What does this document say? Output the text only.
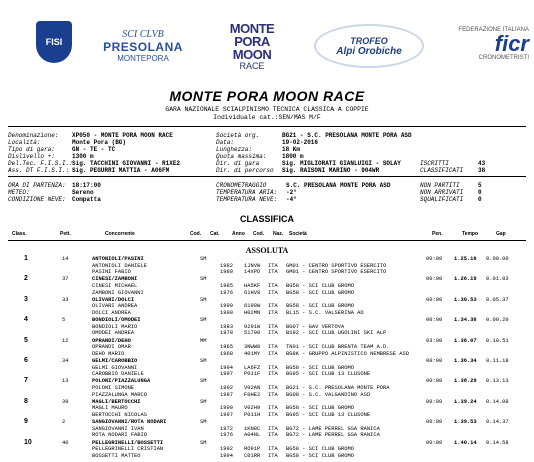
FISI
SCI CLVB
PRESOLANA
MONTEPORA
MONTE
PORA
MOON
RACE
TROFEO
Alpi Orobiche
FEDERAZIONE ITALIANA
ficr
CRONOMETRISTI
MONTE PORA MOON RACE
GARA NAZIONALE SCIALPINISMO TECNICA CLASSICA A COPPIE
Individuale cat.:SEN/MAS M/F
Denominazione: XP050 - MONTE PORA MOON RACE
Località:	Monte Pora (BG)
Tipo di gara:	GN - TE - TC
Dislivello +:	1300 m
Del.Tec. F.I.S.I.: Sig. TACCHINI GIOVANNI - R1XE2
Ass. DT F.I.S.I.: Sig. PEGURRI MATTIA - A06FM
Società org.	BG21 - S.C. PRESOLANA MONTE PORA ASD
Data:	19-02-2016
Lunghezza:	18 Km
Quota massima:	1800 m
Dir. di gara	Sig. MIGLIORATI GIANLUIGI - SOLAY
Dir. di percorso Sig. RAISONI MARINO - 904WR
ISCRITTI	43
CLASSIFICATI 38
ORA DI PARTENZA: 18:17:00
METEO:	Sereno
CONDIZIONE NEVE: Compatta
CRONOMETRAGGIO	S.C. PRESOLANA MONTE PORA ASD
TEMPERATURA ARIA: -2°
TEMPERATURA NEVE: -4°
NON PARTITI	5
NON ARRIVATI 0
SQUALIFICATI 0
CLASSIFICA
Class.	Pett.	Concorrente	Cod. Cat.	Anno Cod. Naz. Società	Pen.	Tempo	Gap
ASSOLUTA
1	14	ANTONIOLI/PASINI	SM	00:00 1.25.16 0.00.00
ANTONIOLI DANIELE	1982 1JNVW ITA GM01 - CENTRO SPORTIVO ESERCITO
PASINI FABIO	1980 14XPD ITA GM01 - CENTRO SPORTIVO ESERCITO
2	37	CINESI/ZAMBONI	SM	00:00 1.26.19 0.01.03
CINESI MICHAEL	1985 HA5KF ITA BG58 - SCI CLUB GROMO
ZAMBONI GIOVANNI	1976 61HV8 ITA BG58 - SCI CLUB GROMO
3	33	OLIVARI/DOLCI	SM	00:00 1.30.53 0.05.37
OLIVARI ANDREA	1990 6198W ITA BG58 - SCI CLUB GROMO
DOLCI ANDREA	1990 H02MN ITA BL15 - S.C. VALSERINA AD
4	5	BONDIOLI/OMODEI	SM	00:00 1.34.36 0.09.20
BONDIOLI MARIO	1983 9291W ITA BG07 - GAV VERTOVA
OMODEI ANDREA	1978 51700 ITA BS92 - SCI CLUB UGOLINI SKI ALP
5	12	OPRANDI/DEHO	MM	03:00 1.36.07 0.10.51
OPRANDI OMAR	1965 3NWW8 ITA TN01 - SCI CLUB BRENTA TEAM A.D.
DEHO MARIO	1968 401MY ITA BG8K - GRUPPO ALPINISTICO NEMBRESE ASD
6	34	GELMI/CAROBBIO	SM	00:00 1.36.34 0.11.18
GELMI GIOVANNI	1994 LA6FZ ITA BG58 - SCI CLUB GROMO
CAROBBIO DANIELE	1997 P011F ITA BG95 - SCI CLUB 13 CLUSONE
7	13	POLONI/PIAZZALUNGA	SM	00:00 1.38.29 0.13.13
POLONI SIMONE	1992 V02AN ITA BG21 - S.C. PRESOLANA MONTE PORA
PIAZZALUNGA MARCO	1987 F0HE2 ITA BG08 - S.C. VALGANDINO ASD
8	39	MAGLI/BERTOCCHI	SM	00:00 1.39.24 0.14.08
MAGLI MAURO	1990 V02H9 ITA BG58 - SCI CLUB GROMO
BERTOCCHI NICOLAS	1997 P011H ITA BG95 - SCI CLUB 13 CLUSONE
9	2	SANGIOVANNI/ROTA NODARI	SM	00:00 1.39.53 0.14.37
SANGIOVANNI IVAN	1972 1KN8C ITA BG72 - LAME PERREL GSA RANICA
ROTA NODARI FABIO	1976 A04NL ITA BG72 - LAME PERREL GSA RANICA
10	40	PELLEGRINELLI/BOSSETTI	SM	00:00 1.40.14 0.14.58
PELLEGRINELLI CRISTIAN	1992 RO91P ITA BG58 - SCI CLUB GROMO
BOSSETTI MATTEO	1994 C01RR ITA BG58 - SCI CLUB GROMO
